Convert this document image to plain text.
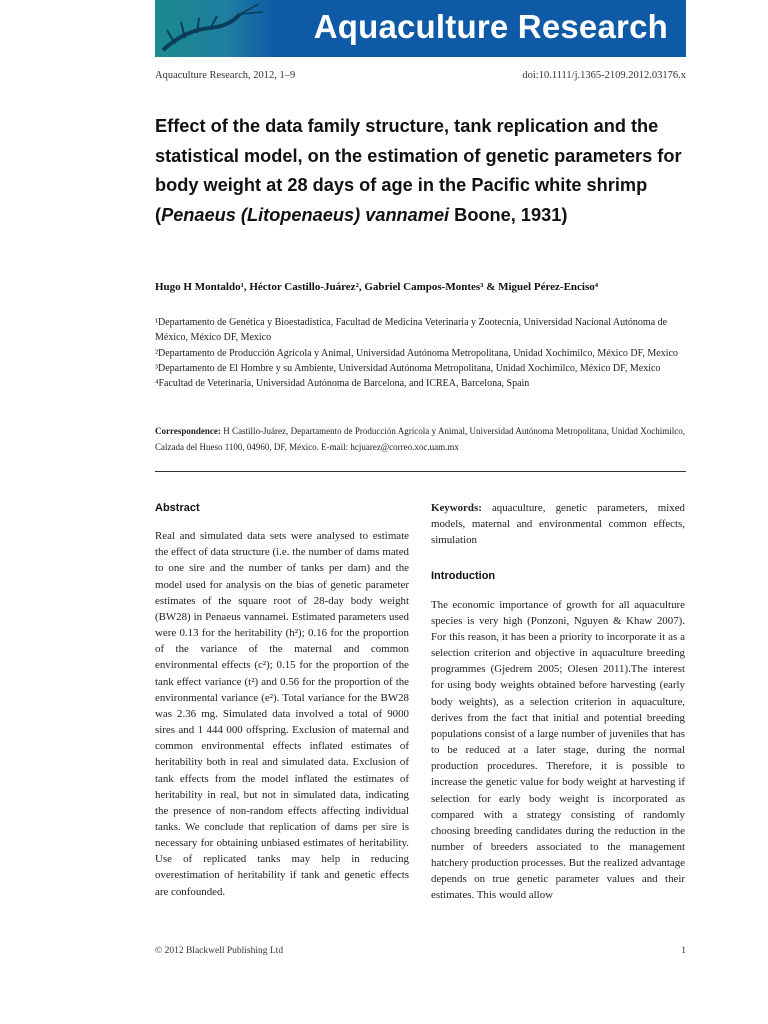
Aquaculture Research
Aquaculture Research, 2012, 1–9	doi:10.1111/j.1365-2109.2012.03176.x
Effect of the data family structure, tank replication and the statistical model, on the estimation of genetic parameters for body weight at 28 days of age in the Pacific white shrimp (Penaeus (Litopenaeus) vannamei Boone, 1931)
Hugo H Montaldo¹, Héctor Castillo-Juárez², Gabriel Campos-Montes³ & Miguel Pérez-Enciso⁴
¹Departamento de Genética y Bioestadística, Facultad de Medicina Veterinaria y Zootecnia, Universidad Nacional Autónoma de México, México DF, Mexico
²Departamento de Producción Agrícola y Animal, Universidad Autónoma Metropolitana, Unidad Xochimilco, México DF, Mexico
³Departamento de El Hombre y su Ambiente, Universidad Autónoma Metropolitana, Unidad Xochimilco, México DF, Mexico
⁴Facultad de Veterinaria, Universidad Autónoma de Barcelona, and ICREA, Barcelona, Spain
Correspondence: H Castillo-Juárez, Departamento de Producción Agrícola y Animal, Universidad Autónoma Metropolitana, Unidad Xochimilco, Calzada del Hueso 1100, 04960, DF, México. E-mail: hcjuarez@correo.xoc.uam.mx
Abstract

Real and simulated data sets were analysed to estimate the effect of data structure (i.e. the number of dams mated to one sire and the number of tanks per dam) and the model used for analysis on the bias of genetic parameter estimates of the square root of 28-day body weight (BW28) in Penaeus vannamei. Estimated parameters used were 0.13 for the heritability (h²); 0.16 for the proportion of the variance of the maternal and common environmental effects (c²); 0.15 for the proportion of the tank effect variance (t²) and 0.56 for the proportion of the environmental variance (e²). Total variance for the BW28 was 2.36 mg. Simulated data involved a total of 9000 sires and 1 444 000 offspring. Exclusion of maternal and common environmental effects inflated estimates of heritability both in real and simulated data. Exclusion of tank effects from the model inflated the estimates of heritability in real, but not in simulated data, indicating the presence of non-random effects affecting individual tanks. We conclude that replication of dams per sire is necessary for obtaining unbiased estimates of heritability. Use of replicated tanks may help in reducing overestimation of heritability if tank and genetic effects are confounded.

Keywords: aquaculture, genetic parameters, mixed models, maternal and environmental common effects, simulation

Introduction

The economic importance of growth for all aquaculture species is very high (Ponzoni, Nguyen & Khaw 2007). For this reason, it has been a priority to incorporate it as a selection criterion and objective in aquaculture breeding programmes (Gjedrem 2005; Olesen 2011).The interest for using body weights obtained before harvesting (early body weights), as a selection criterion in aquaculture, derives from the fact that initial and potential breeding populations consist of a large number of juveniles that has to be reduced at a later stage, during the normal production procedures. Therefore, it is possible to increase the genetic value for body weight at harvesting if selection for early body weight is incorporated as compared with a strategy consisting of randomly choosing breeding candidates during the reduction in the number of breeders associated to the management hatchery production processes. But the realized advantage depends on true genetic parameter values and their estimates. This would allow

© 2012 Blackwell Publishing Ltd	1
